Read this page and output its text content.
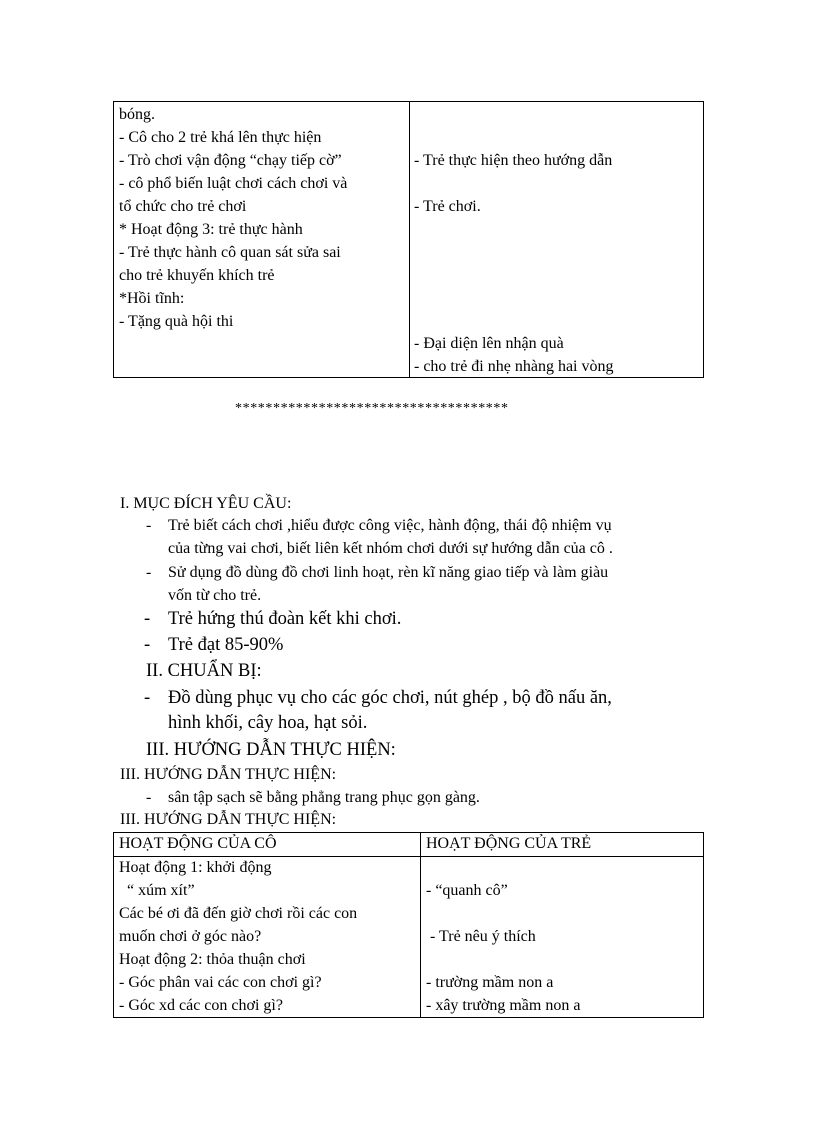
bóng.
- Cô cho 2 trẻ khá lên thực hiện
- Trò chơi vận động “chạy tiếp cờ”
- cô phổ biến luật chơi cách chơi và
tổ chức cho trẻ chơi
* Hoạt động 3: trẻ thực hành
- Trẻ thực hành cô quan sát sửa sai
cho trẻ khuyến khích trẻ
*Hồi tĩnh:
- Tặng quà hội thi
- Trẻ thực hiện theo hướng dẫn
- Trẻ chơi.
- Đại diện lên nhận quà
- cho trẻ đi nhẹ nhàng hai vòng
************************************
I. MỤC ĐÍCH YÊU CẦU:
- Trẻ biết cách chơi ,hiểu được công việc, hành động, thái độ nhiệm vụ
của từng vai chơi, biết liên kết nhóm chơi dưới sự hướng dẫn của cô .
- Sử dụng đồ dùng đồ chơi linh hoạt, rèn kĩ năng giao tiếp và làm giàu
vốn từ cho trẻ.
- Trẻ hứng thú đoàn kết khi chơi.
- Trẻ đạt 85-90%
II. CHUẨN BỊ:
- Đồ dùng phục vụ cho các góc chơi, nút ghép , bộ đồ nấu ăn,
hình khối, cây hoa, hạt sỏi.
III. HƯỚNG DẪN THỰC HIỆN:
III. HƯỚNG DẪN THỰC HIỆN:
- sân tập sạch sẽ bằng phẳng trang phục gọn gàng.
III. HƯỚNG DẪN THỰC HIỆN:
HOẠT ĐỘNG CỦA CÔ	HOẠT ĐỘNG CỦA TRẺ
Hoạt động 1: khởi động
“ xúm xít”
Các bé ơi đã đến giờ chơi rồi các con
muốn chơi ở góc nào?
Hoạt động 2: thỏa thuận chơi
- Góc phân vai các con chơi gì?
- Góc xd các con chơi gì?
- “quanh cô”
- Trẻ nêu ý thích
- trường mầm non a
- xây trường mầm non a
